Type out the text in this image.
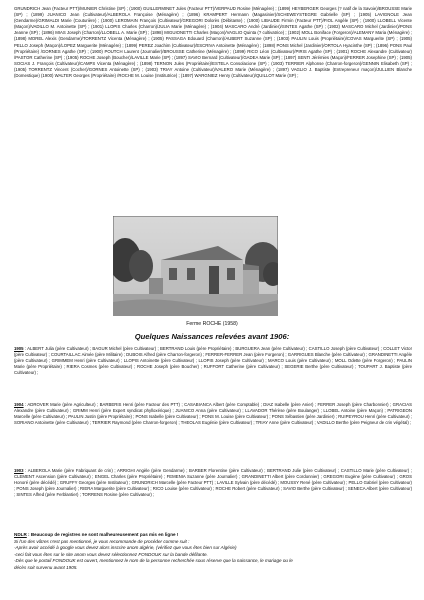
GRUNDRICH Jean (Facteur PTT)/MUNIER Christine (SP) ; (1900) GUILLERMINET Jules (Facteur PTT)/VERPAUD Rosine (Ménagère) ; (1899) HEYBERGER Georges (? natif de la Savoie)/BROUSSE Marie (SP) ; (1899) JUANICO Jean (Cultivateur)/ALBEROLA Françoise (Ménagère) ; (1896) KRAMPERT Hermann (Magasinier)/SCHEWEYSTEGRE Gabrielle (SP) ; (1905) LAVIGNOLE Jean (Gendarme)/GRIMALDI Marie (Couturière) ; (1900) LEROMAIN François (Cultivateur)/GREGORI Dolorès (Débitante) ; (1900) LIBAUDE Firmin (Facteur PTT)/FIOL Angèle (SP) ; (1900) LLOBELL Vicente (Maçon)/VADILLO M. Antoinette (SP) ; (1901) LLOPIS Charles (Charron)/JULIA Marie (Ménagère) ; (1904) MASCARO André (Jardinier)/SINTES Agathe (SP) ; (1902) MASCARO Michel (Jardinier)/PONS Jeanne (SP) ; (1896) MIAS Joseph (Charron)/LLOBELL A. Marie (SP) ; (1898) MIGUIONETTI Charles (Maçon)/VAGLIO Quinta (? cultivatrice) ; (1902) MOLL Boniface (Forgeron)/ALEMANY Maria (Ménagère) ; (1898) MOREL Alexis (Gendarme)/TORRENTZ Vicenta (Ménagère) ; (1905) PASSAGA Edouard (Charron)/AUBERT Suzanne (SP) ; (1903) PAULIN Louis (Propriétaire)/COVAS Marguerite (SP) ; (1905) PELLO Joseph (Maçon)/LOPEZ Marguerite (Ménagère) ; (1899) PEREZ Joachim (Cultivateur)/ESCRIVA Antoinette (Ménagère) ; (1898) PONS Michel (Jardinier)/ORTOLA Hyacinthe (SP) ; (1896) PONS Paul (Propriétaire) /GORNES Agathe (SP) ; (1900) POUTCH Laurent (Journalier)/BROUSSE Catherine (Ménagère) ; (1899) RICO Léon (Cultivateur)/PIRIS Agathe (SP) ; (1901) ROCHE Alexandre (Cultivateur) /PASTOR Catherine (SP) ; (1905) ROCHE Joseph (Boucher)/LAVILLE Marie (SP) ; (1897) SAVIO Bernard (Cultivateur)/GADEA Marie (SP) ; (1897) SENTI Jérémies (Maçon)/FERRER Josephine (SP) ; (1905) SOCIAS J. François (Cultivateur)/CAMPS Vicenta (Ménagère) ; (1898) TERNON Jules (Propriétaire)/ESTELA Consolacione (SP) ; (1903) TERRIER Alphonse (Charron-forgeron)/GENNIN Elisabeth (SP) ; (1905) TORRENTZ Vincent (Cocher)/GORNES Antoinette (SP) ; (1903) TRIAY Antoine (Cultivateur)/VALERO Marie (Ménagère) ; (1897) VAGLIO J. Baptiste (Entrepreneur maçon)/JULLIEN Blanche (Domestique) (1900) WALTER Georges (Propriétaire) /ROCHE M. Louise (Institutrice) ; (1897) WARGNIEZ Henry (Cultivateur)/QUILLOT Marie (SP) ;

Ferme ROCHE (1958)
Quelques Naissances relevées avant 1906:

1905 : ALBERT Julia (père Cultivateur) ; BAGUR Michel (père Cultivateur) ; BERTRAND Louis (père Propriétaire) ; BURGUERA Jean (père Cultivateur) ; CASTILLO Joseph (père Cultivateur) ; COLLET Victor (père Cultivateur) ; COURTAILLAC Aimée (père Militaire) ; DUBOIS Alfred (père Charron-forgeron) ; FERRER-FERRER Jean (père Forgeron) ; GARRIGUES Blanche (père Cultivateur) ; GRANDINETTI Angèle (père Cultivateur) ; GRIMMEM Henri (père Cultivateur) ; LLOPIS Antoinette (père Cultivateur) ; LLOPIS Joseph (père Cultivateur) ; MARCO Louis (père Cultivateur) ; MOLL Odette (père Forgeron) ; PAULIN Marie (père Propriétaire) ; RIERA Cosmes (père Cultivateur) ; ROCHE Joseph (père Boucher) ; RUFFORT Catherine (père Cultivateur) ; SEGERIE Berthe (père Cultivateur) ; TOUPART J. Baptiste (père Cultivateur) ;

1904 : ADROVER Marie (père Agriculteur) ; BARBERIS Henri (père Facteur des PTT) ; CASABIANCA Albert (père Comptable) ; DIAZ Isabelle (père Anier) ; FERRER Joseph (père Charbonnier) ; GRACIAS Alexandre (père Cultivateur) ; GRIMM Henri (père Expert syndicat phylloxérique) ; JUANICO Anna (père Cultivateur) ; LLAVADOR Thérèse (père Boulanger) ; LLOBEL Antoine (père Maçon) ; PATRIGEON Marcelle (père Cultivateur) ; PAULIN Justin (père Propriétaire) ; PONS Isabelle (père Cultivateur) ; PONS M. Louise (père Cultivateur) ; PONS Sébastien (père Jardinier) ; RUIPEYROU Henri (père Cultivateur) ; SORIANO Antoinette (père Cultivateur) ; TERRIER Raymond (père Charron-forgeron) ; THEOLAS Eugénie (père Cultivateur) ; TRIAY Anne (père Cultivateur) ; VADILLO Berthe (père Peigneur de crin végétal) ;

1903 : ALBEROLA Marie (père Fabriquant de crin) ; ARRIGHI Angèle (père Gendarme) ; BARBER Florentine (père Cultivateur) ; BERTRAND Julie (père Cultivateur) ; CASTILLO Marie (père Cultivateur) ; CLEMENT Ascension (père Cultivateur) ; ENGEL Charles (père Propriétaire) ; FEMENIA Suzanne (père Journalier) ; GRANDINETTI Albert (père Cordonnier) ; GREGORI Eugène (père Cultivateur) ; GROS Honoré (père décédé) ; GRUFFY Georges (père Instituteur) ; GRUNDRICH Marcelle (père Facteur PTT) ; LAVILLE Sylvain (père décédé) ; MOUSSY René (père Cultivateur) ; PELLO Gabriel (père Cultivateur) ; PONS Joseph (père Journalier) ; RIERA Marguerite (père Cultivateur) ; RICO Louise (père Cultivateur) ; ROCHE Robert (père Cultivateur) ; SAVIO Berthe (père Cultivateur) ; SENECA Albert (père Cultivateur) ; SINTES Alfred (père Ferblantier) ; TORRENS Rosine (père Cultivateur) ;

NDLR : Beaucoup de registres ne sont malheureusement pas mis en ligne !

Si l'un des vôtres n'est pas mentionné, je vous recommande de procéder comme suit :

-Après avoir accédé à google vous devez alors inscrire anom algérie, (vérifiez que vous êtes bien sur Algérie)

-ceci fait vous êtes sur le site anom vous devez sélectionnez FONDOUK sur la bande défilante.

-Dès que le portail FONDOUK est ouvert, mentionnez le nom de la personne recherchée sous réserve que la naissance, le mariage ou le

décès soit survenu avant 1905.
